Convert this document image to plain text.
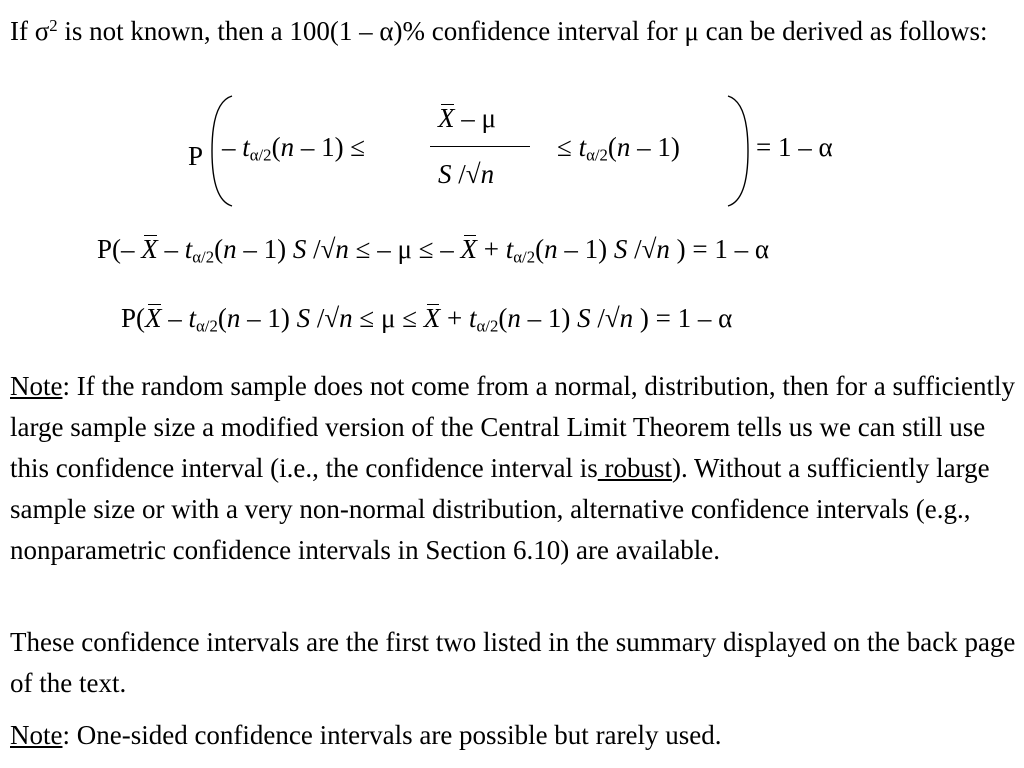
If $\sigma^2$ is not known, then a 100(1 – α)% confidence interval for μ can be derived as follows:

P – $t_{\alpha/2}(n - 1)$ ≤
X – μ
S /√n
≤ $t_{\alpha/2}(n - 1)$	= 1 – α
P(– X – $t_{\alpha/2}(n - 1)$ S /√n ≤ – μ ≤ – $X + t_{\alpha/2}(n - 1)$ S /√n ) = 1 – α
$P(X - t_{\alpha/2}(n - 1)$ S $/√n \le \mu \le X + t_{\alpha/2}(n - 1)$ S /√n ) = 1 – α

Note: If the random sample does not come from a normal, distribution, then for a sufficiently large sample size a modified version of the Central Limit Theorem tells us we can still use this confidence interval (i.e., the confidence interval is robust). Without a sufficiently large sample size or with a very non-normal distribution, alternative confidence intervals (e.g., nonparametric confidence intervals in Section 6.10) are available.

These confidence intervals are the first two listed in the summary displayed on the back page of the text.

Note: One-sided confidence intervals are possible but rarely used.
